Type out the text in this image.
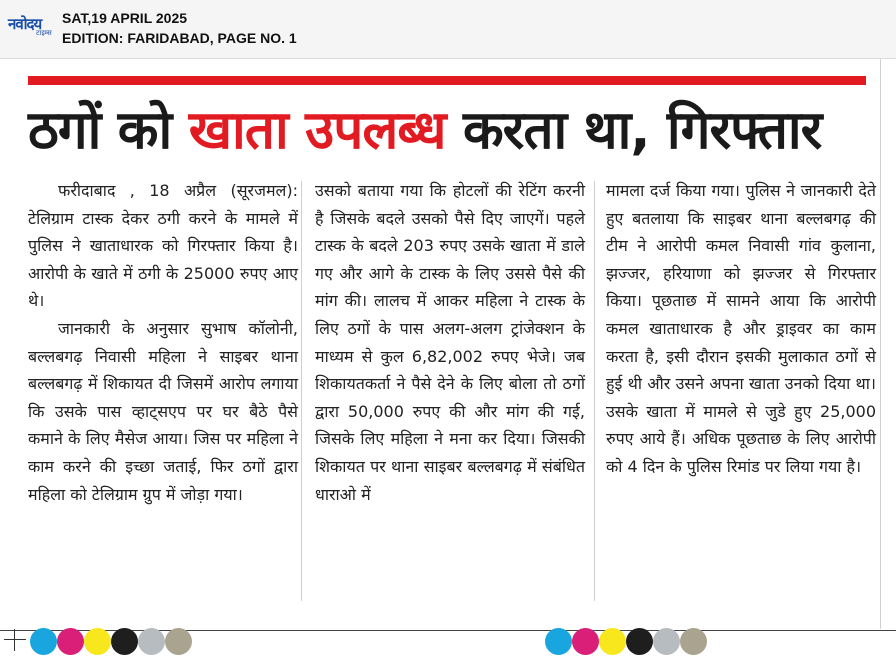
नवोदय
टाइम्स
SAT,19 APRIL 2025
EDITION: FARIDABAD, PAGE NO. 1
ठगों को खाता उपलब्ध करता था, गिरफ्तार

फरीदाबाद , 18 अप्रैल (सूरजमल): टेलिग्राम टास्क देकर ठगी करने के मामले में पुलिस ने खाताधारक को गिरफ्तार किया है। आरोपी के खाते में ठगी के 25000 रुपए आए थे।

जानकारी के अनुसार सुभाष कॉलोनी, बल्लबगढ़ निवासी महिला ने साइबर थाना बल्लबगढ़ में शिकायत दी जिसमें आरोप लगाया कि उसके पास व्हाट्सएप पर घर बैठे पैसे कमाने के लिए मैसेज आया। जिस पर महिला ने काम करने की इच्छा जताई, फिर ठगों द्वारा महिला को टेलिग्राम ग्रुप में जोड़ा गया।

उसको बताया गया कि होटलों की रेटिंग करनी है जिसके बदले उसको पैसे दिए जाएगें। पहले टास्क के बदले 203 रुपए उसके खाता में डाले गए और आगे के टास्क के लिए उससे पैसे की मांग की। लालच में आकर महिला ने टास्क के लिए ठगों के पास अलग-अलग ट्रांजेक्शन के माध्यम से कुल 6,82,002 रुपए भेजे। जब शिकायतकर्ता ने पैसे देने के लिए बोला तो ठगों द्वारा 50,000 रुपए की और मांग की गई, जिसके लिए महिला ने मना कर दिया। जिसकी शिकायत पर थाना साइबर बल्लबगढ़ में संबंधित धाराओ में

मामला दर्ज किया गया। पुलिस ने जानकारी देते हुए बतलाया कि साइबर थाना बल्लबगढ़ की टीम ने आरोपी कमल निवासी गांव कुलाना, झज्जर, हरियाणा को झज्जर से गिरफ्तार किया। पूछताछ में सामने आया कि आरोपी कमल खाताधारक है और ड्राइवर का काम करता है, इसी दौरान इसकी मुलाकात ठगों से हुई थी और उसने अपना खाता उनको दिया था। उसके खाता में मामले से जुडे हुए 25,000 रुपए आये हैं। अधिक पूछताछ के लिए आरोपी को 4 दिन के पुलिस रिमांड पर लिया गया है।
